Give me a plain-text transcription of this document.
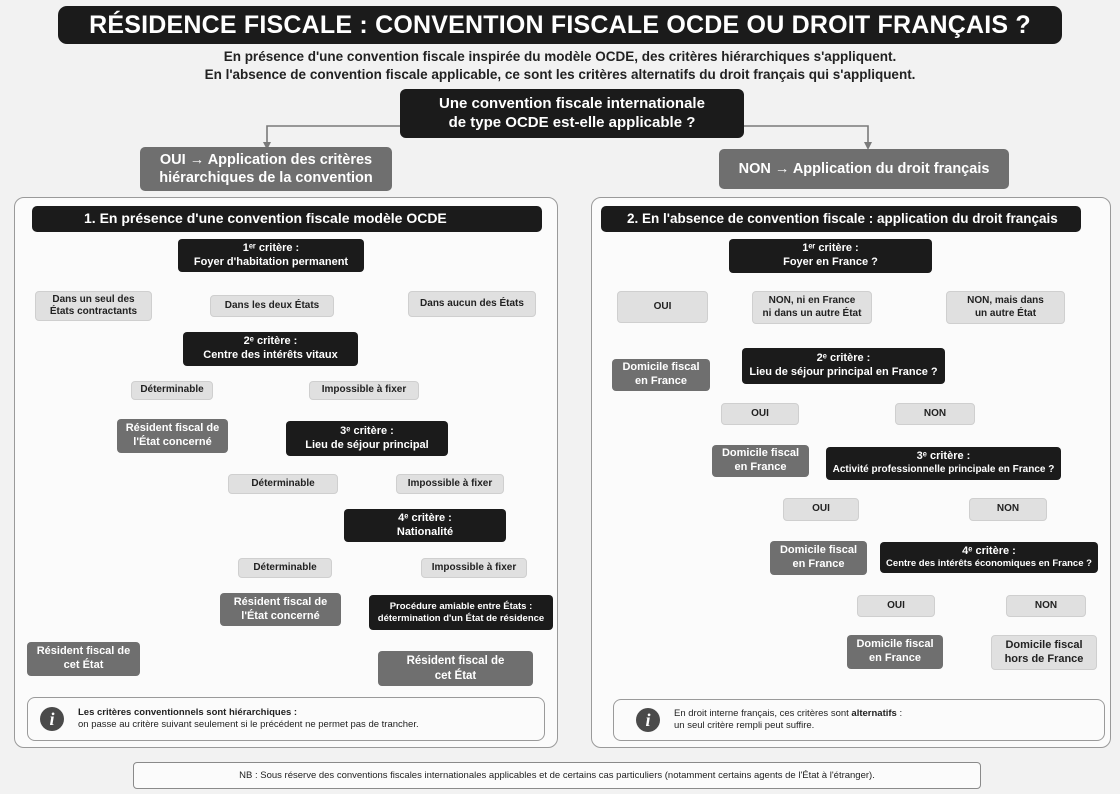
RÉSIDENCE FISCALE : CONVENTION FISCALE OCDE OU DROIT FRANÇAIS ?
En présence d'une convention fiscale inspirée du modèle OCDE, des critères hiérarchiques s'appliquent.
En l'absence de convention fiscale applicable, ce sont les critères alternatifs du droit français qui s'appliquent.
Une convention fiscale internationale
de type OCDE est-elle applicable ?
OUI → Application des critères
hiérarchiques de la convention
NON → Application du droit français
1. En présence d'une convention fiscale modèle OCDE
1ᵉʳ critère :
Foyer d'habitation permanent
Dans un seul des
États contractants
Dans les deux États	Dans aucun des États
2ᵉ critère :
Centre des intérêts vitaux
Déterminable	Impossible à fixer
Résident fiscal de
l'État concerné
3ᵉ critère :
Lieu de séjour principal
Déterminable	Impossible à fixer
4ᵉ critère :
Nationalité
Déterminable	Impossible à fixer
Résident fiscal de
l'État concerné
Procédure amiable entre États :
détermination d'un État de résidence
Résident fiscal de
cet État	Résident fiscal de
cet État
i	Les critères conventionnels sont hiérarchiques :
on passe au critère suivant seulement si le précédent ne permet pas de trancher.
2. En l'absence de convention fiscale : application du droit français
1ᵉʳ critère :
Foyer en France ?
OUI
NON, ni en France
ni dans un autre État
NON, mais dans
un autre État
Domicile fiscal
en France
2ᵉ critère :
Lieu de séjour principal en France ?
OUI	NON
Domicile fiscal
en France
3ᵉ critère :
Activité professionnelle principale en France ?
OUI	NON
Domicile fiscal
en France
4ᵉ critère :
Centre des intérêts économiques en France ?
OUI	NON
Domicile fiscal
en France
Domicile fiscal
hors de France
i	En droit interne français, ces critères sont alternatifs :
un seul critère rempli peut suffire.
NB : Sous réserve des conventions fiscales internationales applicables et de certains cas particuliers (notamment certains agents de l'État à l'étranger).
